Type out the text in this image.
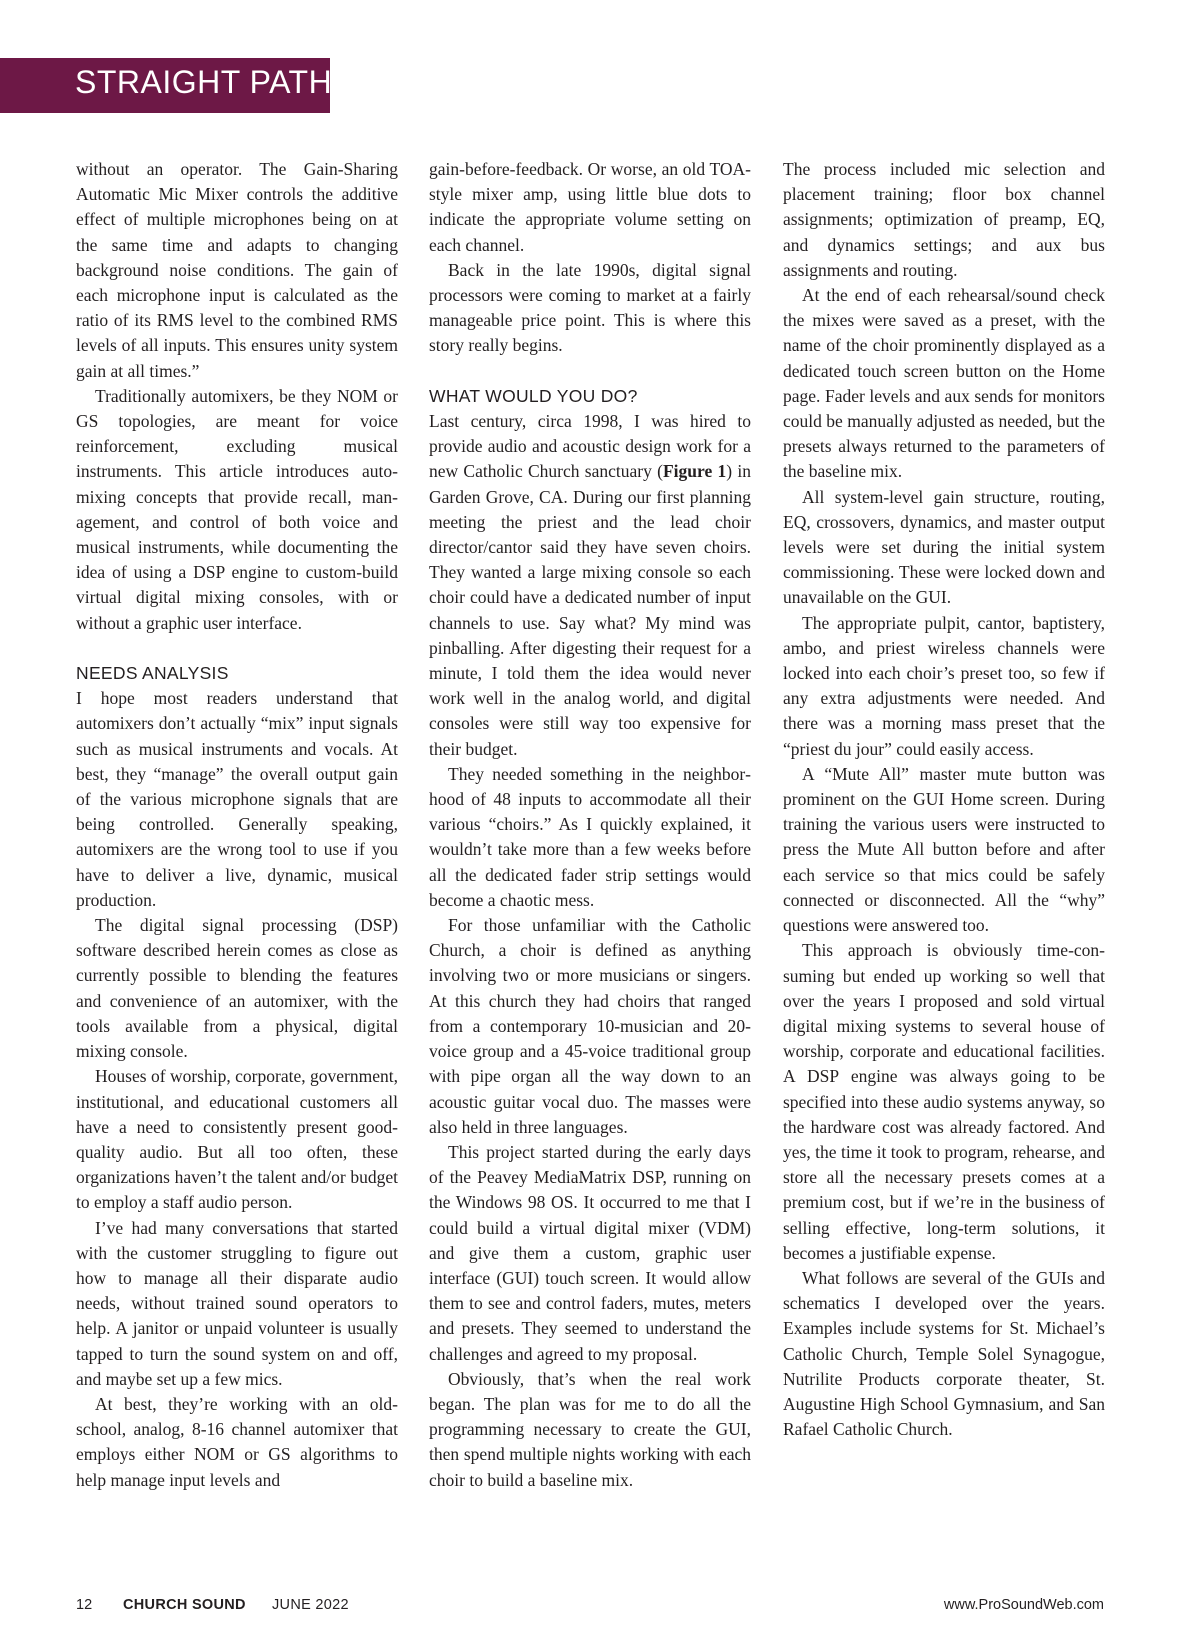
STRAIGHT PATH

without an operator. The Gain-Sharing Automatic Mic Mixer controls the additive effect of multiple microphones being on at the same time and adapts to changing background noise conditions. The gain of each microphone input is calculated as the ratio of its RMS level to the combined RMS levels of all inputs. This ensures unity system gain at all times.”

Traditionally automixers, be they NOM or GS topologies, are meant for voice reinforcement, excluding musical instruments. This article introduces automixing concepts that provide recall, management, and control of both voice and musical instruments, while documenting the idea of using a DSP engine to custom-build virtual digital mixing consoles, with or without a graphic user interface.

NEEDS ANALYSIS

I hope most readers understand that automixers don’t actually “mix” input signals such as musical instruments and vocals. At best, they “manage” the overall output gain of the various microphone signals that are being controlled. Generally speaking, automixers are the wrong tool to use if you have to deliver a live, dynamic, musical production.

The digital signal processing (DSP) software described herein comes as close as currently possible to blending the features and convenience of an automixer, with the tools available from a physical, digital mixing console.

Houses of worship, corporate, government, institutional, and educational customers all have a need to consistently present good-quality audio. But all too often, these organizations haven’t the talent and/or budget to employ a staff audio person.

I’ve had many conversations that started with the customer struggling to figure out how to manage all their disparate audio needs, without trained sound operators to help. A janitor or unpaid volunteer is usually tapped to turn the sound system on and off, and maybe set up a few mics.

At best, they’re working with an old-school, analog, 8-16 channel automixer that employs either NOM or GS algorithms to help manage input levels and

gain-before-feedback. Or worse, an old TOA-style mixer amp, using little blue dots to indicate the appropriate volume setting on each channel.

Back in the late 1990s, digital signal processors were coming to market at a fairly manageable price point. This is where this story really begins.

WHAT WOULD YOU DO?

Last century, circa 1998, I was hired to provide audio and acoustic design work for a new Catholic Church sanctuary (Figure 1) in Garden Grove, CA. During our first planning meeting the priest and the lead choir director/cantor said they have seven choirs. They wanted a large mixing console so each choir could have a dedicated number of input channels to use. Say what? My mind was pinballing. After digesting their request for a minute, I told them the idea would never work well in the analog world, and digital consoles were still way too expensive for their budget.

They needed something in the neighborhood of 48 inputs to accommodate all their various “choirs.” As I quickly explained, it wouldn’t take more than a few weeks before all the dedicated fader strip settings would become a chaotic mess.

For those unfamiliar with the Catholic Church, a choir is defined as anything involving two or more musicians or singers. At this church they had choirs that ranged from a contemporary 10-musician and 20-voice group and a 45-voice traditional group with pipe organ all the way down to an acoustic guitar vocal duo. The masses were also held in three languages.

This project started during the early days of the Peavey MediaMatrix DSP, running on the Windows 98 OS. It occurred to me that I could build a virtual digital mixer (VDM) and give them a custom, graphic user interface (GUI) touch screen. It would allow them to see and control faders, mutes, meters and presets. They seemed to understand the challenges and agreed to my proposal.

Obviously, that’s when the real work began. The plan was for me to do all the programming necessary to create the GUI, then spend multiple nights working with each choir to build a baseline mix.

The process included mic selection and placement training; floor box channel assignments; optimization of preamp, EQ, and dynamics settings; and aux bus assignments and routing.

At the end of each rehearsal/sound check the mixes were saved as a preset, with the name of the choir prominently displayed as a dedicated touch screen button on the Home page. Fader levels and aux sends for monitors could be manually adjusted as needed, but the presets always returned to the parameters of the baseline mix.

All system-level gain structure, routing, EQ, crossovers, dynamics, and master output levels were set during the initial system commissioning. These were locked down and unavailable on the GUI.

The appropriate pulpit, cantor, baptistery, ambo, and priest wireless channels were locked into each choir’s preset too, so few if any extra adjustments were needed. And there was a morning mass preset that the “priest du jour” could easily access.

A “Mute All” master mute button was prominent on the GUI Home screen. During training the various users were instructed to press the Mute All button before and after each service so that mics could be safely connected or disconnected. All the “why” questions were answered too.

This approach is obviously time-consuming but ended up working so well that over the years I proposed and sold virtual digital mixing systems to several house of worship, corporate and educational facilities. A DSP engine was always going to be specified into these audio systems anyway, so the hardware cost was already factored. And yes, the time it took to program, rehearse, and store all the necessary presets comes at a premium cost, but if we’re in the business of selling effective, long-term solutions, it becomes a justifiable expense.

What follows are several of the GUIs and schematics I developed over the years. Examples include systems for St. Michael’s Catholic Church, Temple Solel Synagogue, Nutrilite Products corporate theater, St. Augustine High School Gymnasium, and San Rafael Catholic Church.

12 CHURCH SOUND JUNE 2022	www.ProSoundWeb.com
